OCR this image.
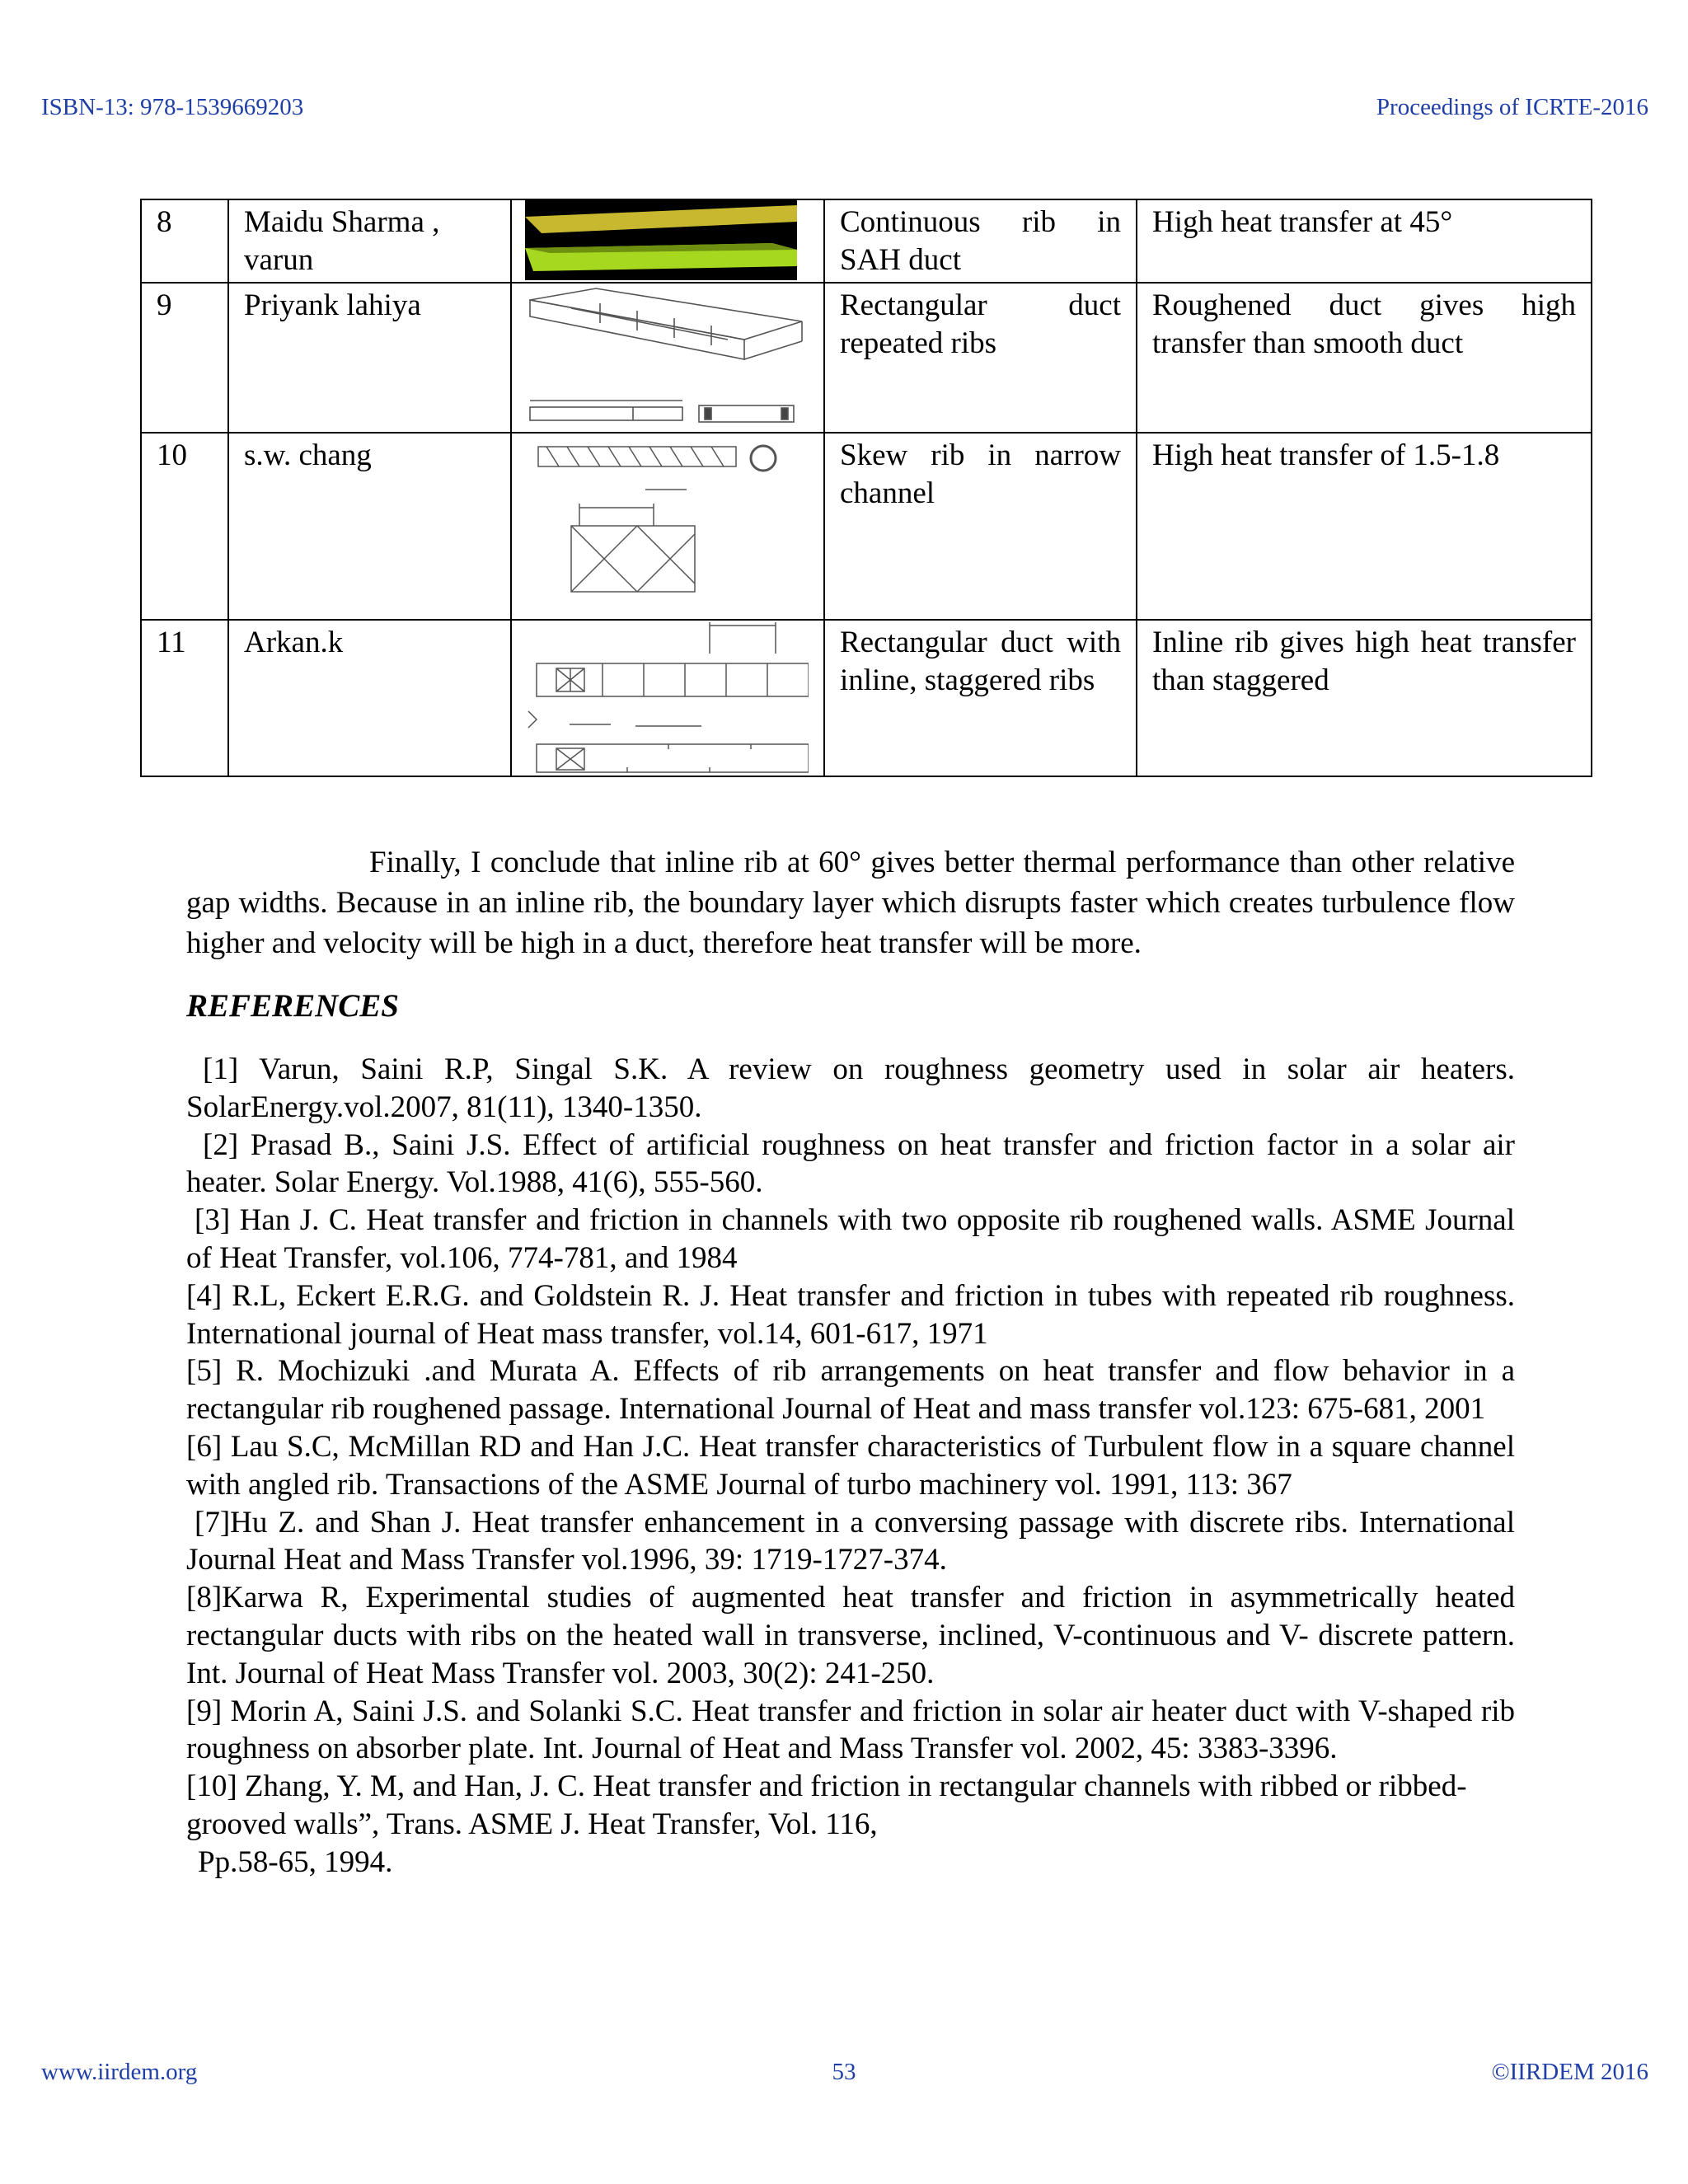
ISBN-13: 978-1539669203	Proceedings of ICRTE-2016
8	Maidu Sharma , varun		Continuous rib in SAH duct	High heat transfer at 45°
9	Priyank lahiya		Rectangular duct repeated ribs	Roughened duct gives high transfer than smooth duct
10	s.w. chang		Skew rib in narrow channel	High heat transfer of 1.5-1.8
11	Arkan.k		Rectangular duct with inline, staggered ribs	Inline rib gives high heat transfer than staggered

Finally, I conclude that inline rib at 60° gives better thermal performance than other relative gap widths. Because in an inline rib, the boundary layer which disrupts faster which creates turbulence flow higher and velocity will be high in a duct, therefore heat transfer will be more.

REFERENCES

[1] Varun, Saini R.P, Singal S.K. A review on roughness geometry used in solar air heaters. SolarEnergy.vol.2007, 81(11), 1340-1350.

[2] Prasad B., Saini J.S. Effect of artificial roughness on heat transfer and friction factor in a solar air heater. Solar Energy. Vol.1988, 41(6), 555-560.

[3] Han J. C. Heat transfer and friction in channels with two opposite rib roughened walls. ASME Journal of Heat Transfer, vol.106, 774-781, and 1984

[4] R.L, Eckert E.R.G. and Goldstein R. J. Heat transfer and friction in tubes with repeated rib roughness. International journal of Heat mass transfer, vol.14, 601-617, 1971

[5] R. Mochizuki .and Murata A. Effects of rib arrangements on heat transfer and flow behavior in a rectangular rib roughened passage. International Journal of Heat and mass transfer vol.123: 675-681, 2001

[6] Lau S.C, McMillan RD and Han J.C. Heat transfer characteristics of Turbulent flow in a square channel with angled rib. Transactions of the ASME Journal of turbo machinery vol. 1991, 113: 367

[7]Hu Z. and Shan J. Heat transfer enhancement in a conversing passage with discrete ribs. International Journal Heat and Mass Transfer vol.1996, 39: 1719-1727-374.

[8]Karwa R, Experimental studies of augmented heat transfer and friction in asymmetrically heated rectangular ducts with ribs on the heated wall in transverse, inclined, V-continuous and V- discrete pattern. Int. Journal of Heat Mass Transfer vol. 2003, 30(2): 241-250.

[9] Morin A, Saini J.S. and Solanki S.C. Heat transfer and friction in solar air heater duct with V-shaped rib roughness on absorber plate. Int. Journal of Heat and Mass Transfer vol. 2002, 45: 3383-3396.

[10] Zhang, Y. M, and Han, J. C. Heat transfer and friction in rectangular channels with ribbed or ribbed-grooved walls”, Trans. ASME J. Heat Transfer, Vol. 116,

Pp.58-65, 1994.

www.iirdem.org	53	©IIRDEM 2016
